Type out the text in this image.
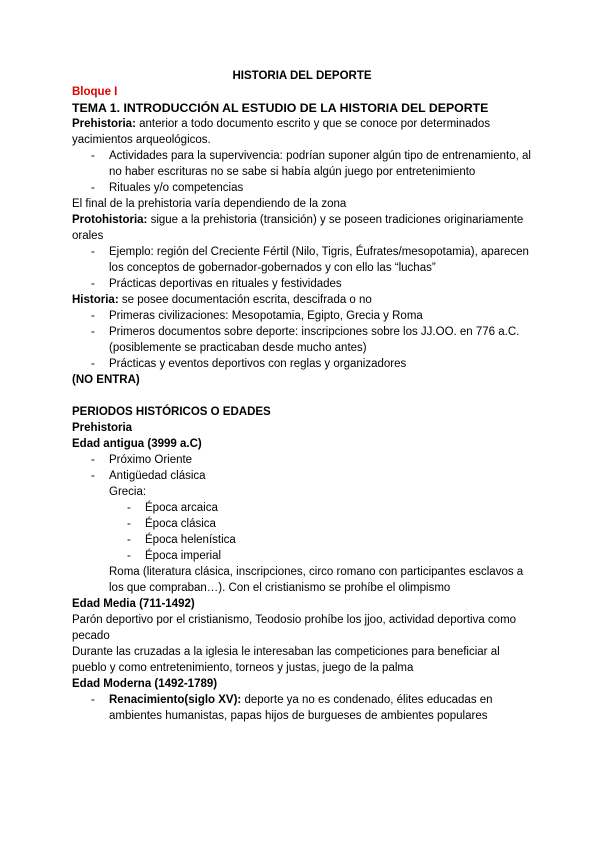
HISTORIA DEL DEPORTE

Bloque I

TEMA 1. INTRODUCCIÓN AL ESTUDIO DE LA HISTORIA DEL DEPORTE

Prehistoria: anterior a todo documento escrito y que se conoce por determinados yacimientos arqueológicos.

- Actividades para la supervivencia: podrían suponer algún tipo de entrenamiento, al no haber escrituras no se sabe si había algún juego por entretenimiento

- Rituales y/o competencias

El final de la prehistoria varía dependiendo de la zona

Protohistoria: sigue a la prehistoria (transición) y se poseen tradiciones originariamente orales

- Ejemplo: región del Creciente Fértil (Nilo, Tigris, Éufrates/mesopotamia), aparecen los conceptos de gobernador-gobernados y con ello las “luchas”

- Prácticas deportivas en rituales y festividades

Historia: se posee documentación escrita, descifrada o no

- Primeras civilizaciones: Mesopotamia, Egipto, Grecia y Roma

- Primeros documentos sobre deporte: inscripciones sobre los JJ.OO. en 776 a.C. (posiblemente se practicaban desde mucho antes)

- Prácticas y eventos deportivos con reglas y organizadores

(NO ENTRA)

PERIODOS HISTÓRICOS O EDADES

Prehistoria

Edad antigua (3999 a.C)

- Próximo Oriente

- Antigüedad clásica

Grecia:

- Época arcaica

- Época clásica

- Época helenística

- Época imperial

Roma (literatura clásica, inscripciones, circo romano con participantes esclavos a los que compraban…). Con el cristianismo se prohíbe el olimpismo

Edad Media (711-1492)

Parón deportivo por el cristianismo, Teodosio prohíbe los jjoo, actividad deportiva como pecado

Durante las cruzadas a la iglesia le interesaban las competiciones para beneficiar al pueblo y como entretenimiento, torneos y justas, juego de la palma

Edad Moderna (1492-1789)

- Renacimiento(siglo XV): deporte ya no es condenado, élites educadas en ambientes humanistas, papas hijos de burgueses de ambientes populares
